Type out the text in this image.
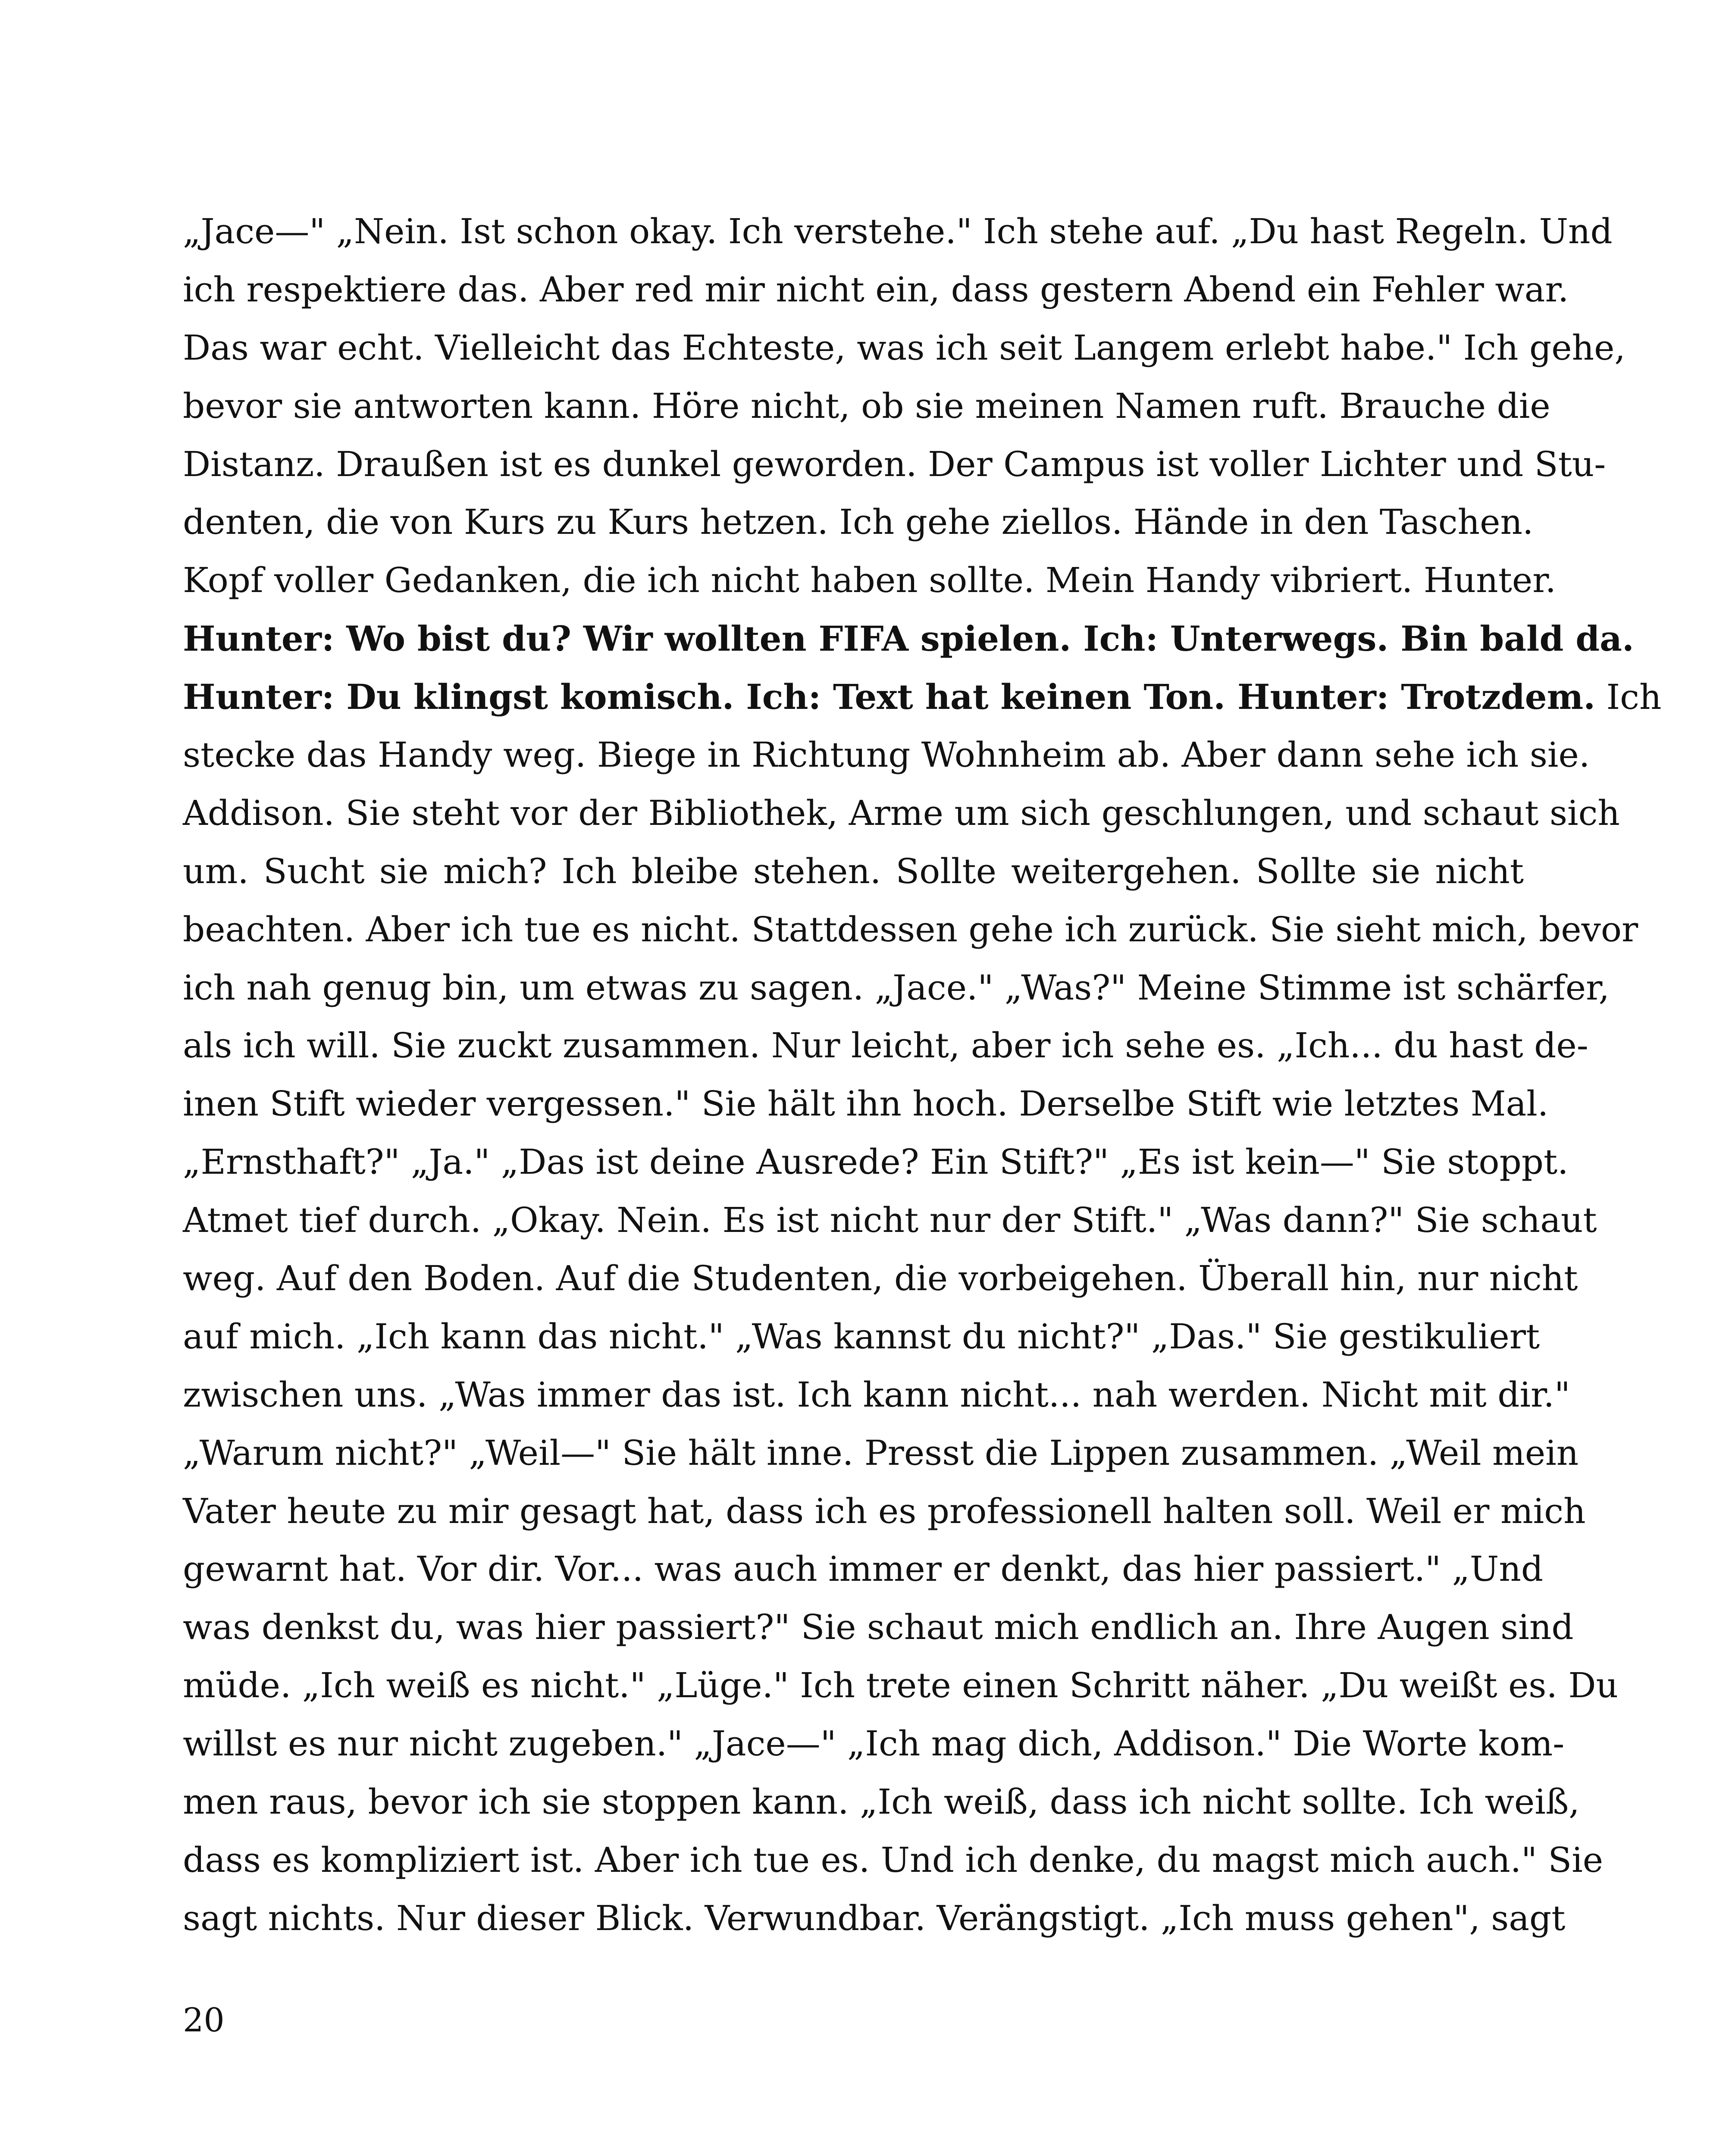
„Jace—" „Nein. Ist schon okay. Ich verstehe." Ich stehe auf. „Du hast Regeln. Und
ich respektiere das. Aber red mir nicht ein, dass gestern Abend ein Fehler war.
Das war echt. Vielleicht das Echteste, was ich seit Langem erlebt habe." Ich gehe,
bevor sie antworten kann. Höre nicht, ob sie meinen Namen ruft. Brauche die
Distanz. Draußen ist es dunkel geworden. Der Campus ist voller Lichter und Stu-
denten, die von Kurs zu Kurs hetzen. Ich gehe ziellos. Hände in den Taschen.
Kopf voller Gedanken, die ich nicht haben sollte. Mein Handy vibriert. Hunter.
Hunter: Wo bist du? Wir wollten FIFA spielen. Ich: Unterwegs. Bin bald da.
Hunter: Du klingst komisch. Ich: Text hat keinen Ton. Hunter: Trotzdem. Ich
stecke das Handy weg. Biege in Richtung Wohnheim ab. Aber dann sehe ich sie.
Addison. Sie steht vor der Bibliothek, Arme um sich geschlungen, und schaut sich
um. Sucht sie mich? Ich bleibe stehen. Sollte weitergehen. Sollte sie nicht
beachten. Aber ich tue es nicht. Stattdessen gehe ich zurück. Sie sieht mich, bevor
ich nah genug bin, um etwas zu sagen. „Jace." „Was?" Meine Stimme ist schärfer,
als ich will. Sie zuckt zusammen. Nur leicht, aber ich sehe es. „Ich... du hast de-
inen Stift wieder vergessen." Sie hält ihn hoch. Derselbe Stift wie letztes Mal.
„Ernsthaft?" „Ja." „Das ist deine Ausrede? Ein Stift?" „Es ist kein—" Sie stoppt.
Atmet tief durch. „Okay. Nein. Es ist nicht nur der Stift." „Was dann?" Sie schaut
weg. Auf den Boden. Auf die Studenten, die vorbeigehen. Überall hin, nur nicht
auf mich. „Ich kann das nicht." „Was kannst du nicht?" „Das." Sie gestikuliert
zwischen uns. „Was immer das ist. Ich kann nicht... nah werden. Nicht mit dir."
„Warum nicht?" „Weil—" Sie hält inne. Presst die Lippen zusammen. „Weil mein
Vater heute zu mir gesagt hat, dass ich es professionell halten soll. Weil er mich
gewarnt hat. Vor dir. Vor... was auch immer er denkt, das hier passiert." „Und
was denkst du, was hier passiert?" Sie schaut mich endlich an. Ihre Augen sind
müde. „Ich weiß es nicht." „Lüge." Ich trete einen Schritt näher. „Du weißt es. Du
willst es nur nicht zugeben." „Jace—" „Ich mag dich, Addison." Die Worte kom-
men raus, bevor ich sie stoppen kann. „Ich weiß, dass ich nicht sollte. Ich weiß,
dass es kompliziert ist. Aber ich tue es. Und ich denke, du magst mich auch." Sie
sagt nichts. Nur dieser Blick. Verwundbar. Verängstigt. „Ich muss gehen", sagt
20
